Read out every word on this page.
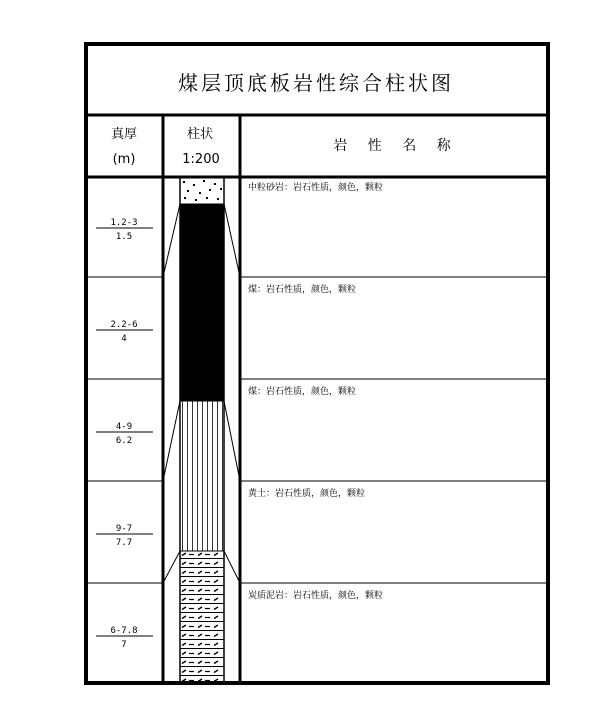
煤层顶底板岩性综合柱状图
真厚
(m)
柱状
1:200
岩 性 名 称
1.2-3
1.5
中粒砂岩：岩石性质，颜色，颗粒
2.2-6
4
煤：岩石性质，颜色，颗粒
4-9
6.2
煤：岩石性质，颜色，颗粒
9-7
7.7
黄土：岩石性质，颜色，颗粒
6-7.8
7
炭质泥岩：岩石性质，颜色，颗粒
